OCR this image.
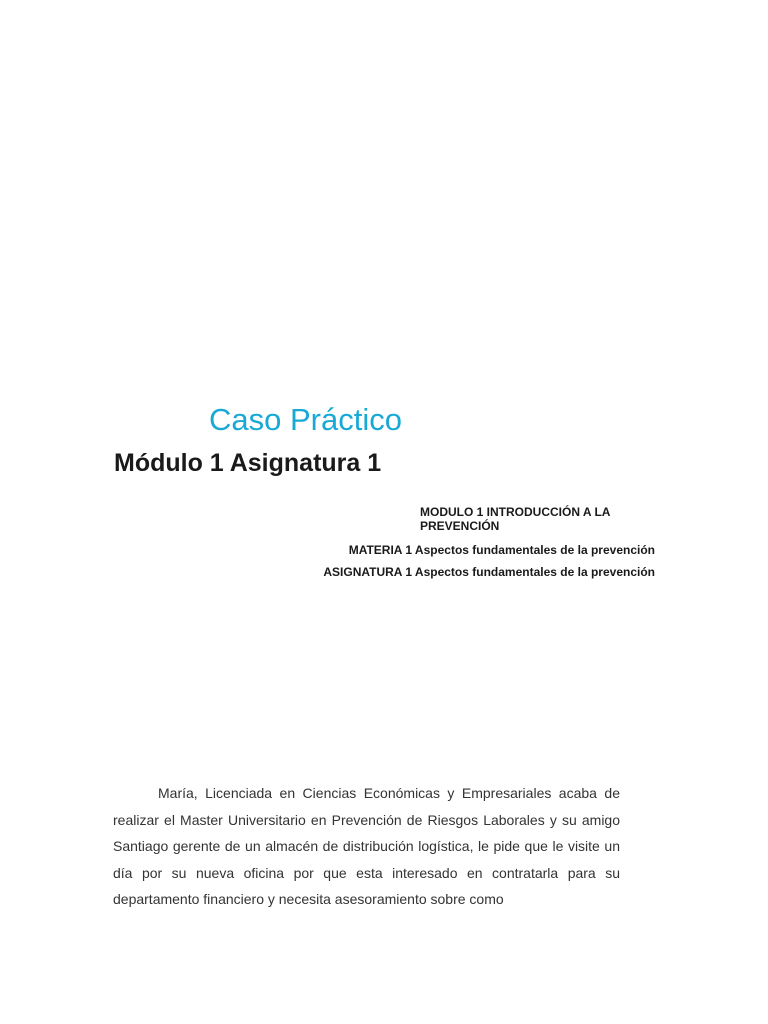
Caso Práctico
Módulo 1 Asignatura 1

MODULO 1 INTRODUCCIÓN A LA PREVENCIÓN

MATERIA 1 Aspectos fundamentales de la prevención

ASIGNATURA 1 Aspectos fundamentales de la prevención

María, Licenciada en Ciencias Económicas y Empresariales acaba de realizar el Master Universitario en Prevención de Riesgos Laborales y su amigo Santiago gerente de un almacén de distribución logística, le pide que le visite un día por su nueva oficina por que esta interesado en contratarla para su departamento financiero y necesita asesoramiento sobre como
